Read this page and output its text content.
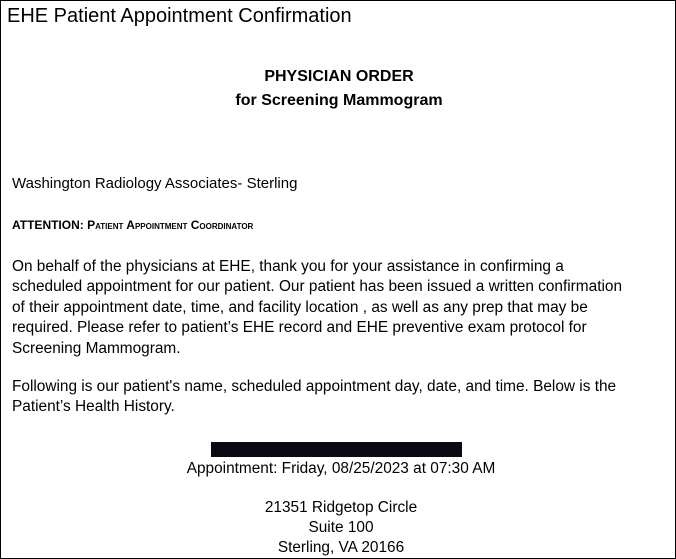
EHE Patient Appointment Confirmation
PHYSICIAN ORDER
for Screening Mammogram
Washington Radiology Associates- Sterling
ATTENTION: Patient Appointment Coordinator
On behalf of the physicians at EHE, thank you for your assistance in confirming a
scheduled appointment for our patient. Our patient has been issued a written confirmation
of their appointment date, time, and facility location , as well as any prep that may be
required. Please refer to patient’s EHE record and EHE preventive exam protocol for
Screening Mammogram.
Following is our patient's name, scheduled appointment day, date, and time. Below is the
Patient’s Health History.
Appointment: Friday, 08/25/2023 at 07:30 AM
21351 Ridgetop Circle
Suite 100
Sterling, VA 20166
